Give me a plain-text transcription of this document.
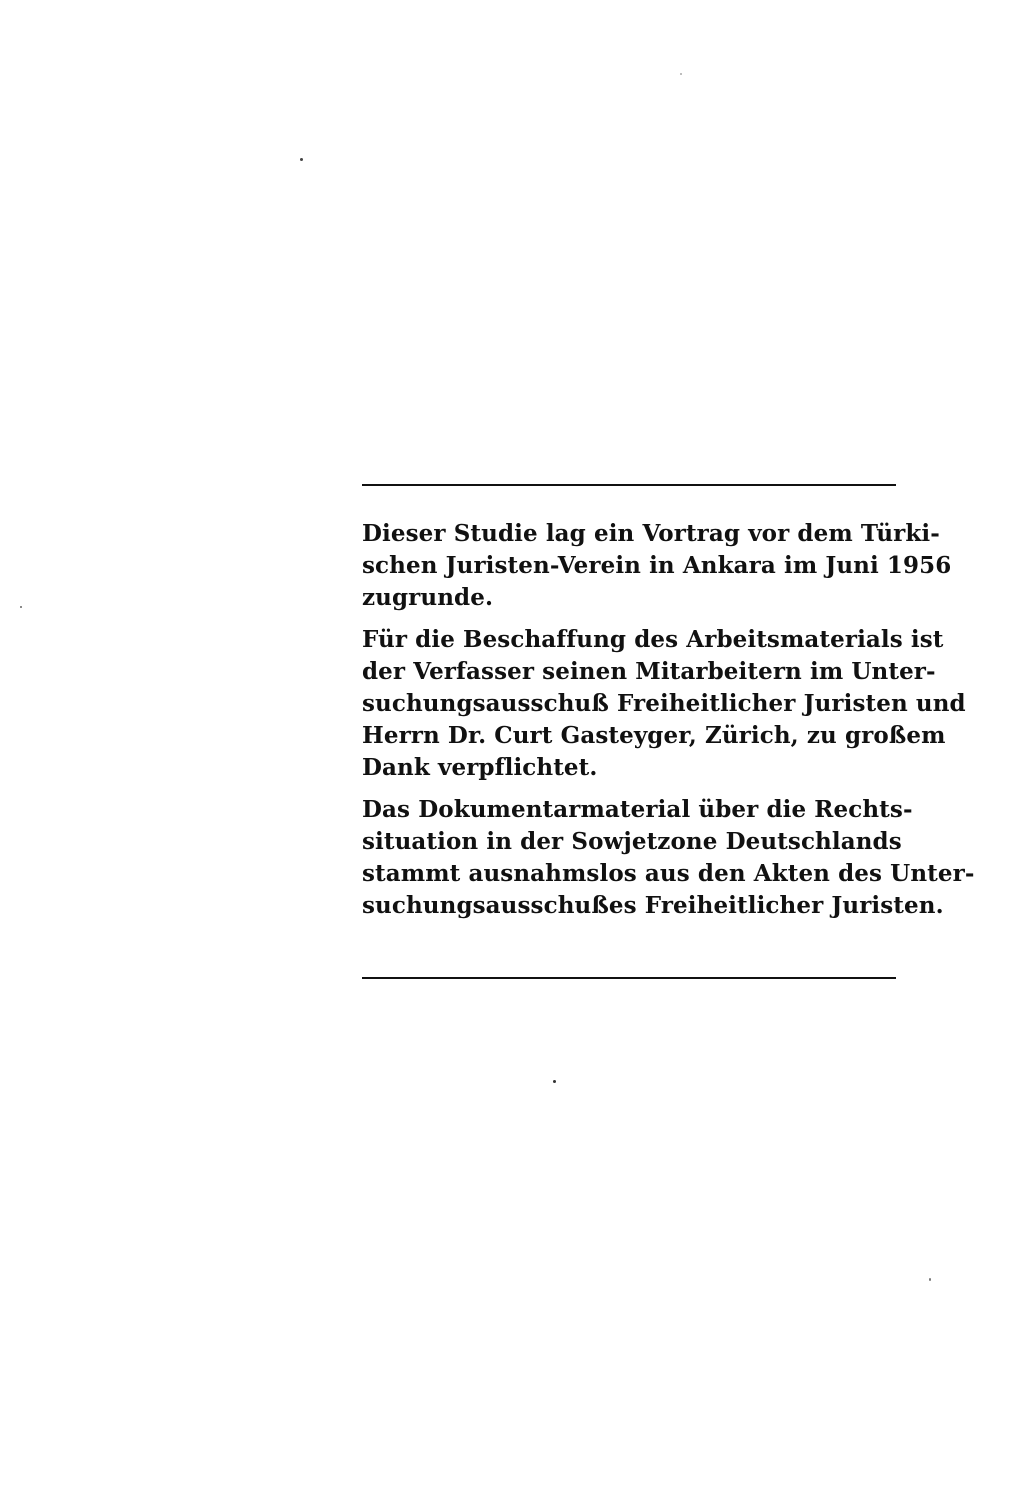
Dieser Studie lag ein Vortrag vor dem Türki-
schen Juristen-Verein in Ankara im Juni 1956
zugrunde.

Für die Beschaffung des Arbeitsmaterials ist
der Verfasser seinen Mitarbeitern im Unter-
suchungsausschuß Freiheitlicher Juristen und
Herrn Dr. Curt Gasteyger, Zürich, zu großem
Dank verpflichtet.

Das Dokumentarmaterial über die Rechts-
situation in der Sowjetzone Deutschlands
stammt ausnahmslos aus den Akten des Unter-
suchungsausschußes Freiheitlicher Juristen.
